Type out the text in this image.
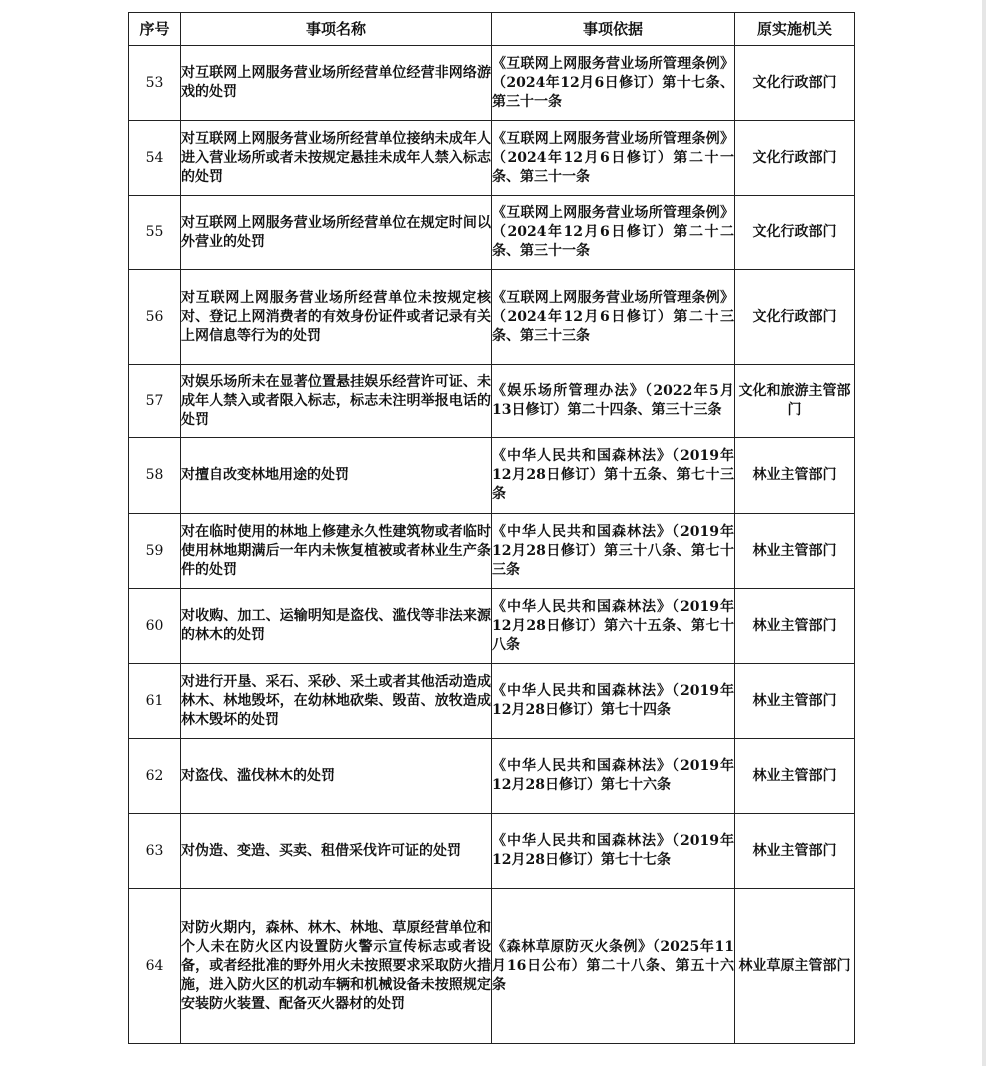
序号	事项名称	事项依据	原实施机关
53	对互联网上网服务营业场所经营单位经营非网络游戏的处罚	《互联网上网服务营业场所管理条例》（2024年12月6日修订）第十七条、第三十一条	文化行政部门
54	对互联网上网服务营业场所经营单位接纳未成年人进入营业场所或者未按规定悬挂未成年人禁入标志的处罚	《互联网上网服务营业场所管理条例》（2024年12月6日修订）第二十一条、第三十一条	文化行政部门
55	对互联网上网服务营业场所经营单位在规定时间以外营业的处罚	《互联网上网服务营业场所管理条例》（2024年12月6日修订）第二十二条、第三十一条	文化行政部门
56	对互联网上网服务营业场所经营单位未按规定核对、登记上网消费者的有效身份证件或者记录有关上网信息等行为的处罚	《互联网上网服务营业场所管理条例》（2024年12月6日修订）第二十三条、第三十三条	文化行政部门
57	对娱乐场所未在显著位置悬挂娱乐经营许可证、未成年人禁入或者限入标志，标志未注明举报电话的处罚	《娱乐场所管理办法》（2022年5月13日修订）第二十四条、第三十三条	文化和旅游主管部门
58	对擅自改变林地用途的处罚	《中华人民共和国森林法》（2019年12月28日修订）第十五条、第七十三条	林业主管部门
59	对在临时使用的林地上修建永久性建筑物或者临时使用林地期满后一年内未恢复植被或者林业生产条件的处罚	《中华人民共和国森林法》（2019年12月28日修订）第三十八条、第七十三条	林业主管部门
60	对收购、加工、运输明知是盗伐、滥伐等非法来源的林木的处罚	《中华人民共和国森林法》（2019年12月28日修订）第六十五条、第七十八条	林业主管部门
61	对进行开垦、采石、采砂、采土或者其他活动造成林木、林地毁坏，在幼林地砍柴、毁苗、放牧造成林木毁坏的处罚	《中华人民共和国森林法》（2019年12月28日修订）第七十四条	林业主管部门
62	对盗伐、滥伐林木的处罚	《中华人民共和国森林法》（2019年12月28日修订）第七十六条	林业主管部门
63	对伪造、变造、买卖、租借采伐许可证的处罚	《中华人民共和国森林法》（2019年12月28日修订）第七十七条	林业主管部门
64	对防火期内，森林、林木、林地、草原经营单位和个人未在防火区内设置防火警示宣传标志或者设备，或者经批准的野外用火未按照要求采取防火措施，进入防火区的机动车辆和机械设备未按照规定安装防火装置、配备灭火器材的处罚	《森林草原防灭火条例》（2025年11月16日公布）第二十八条、第五十六条	林业草原主管部门
